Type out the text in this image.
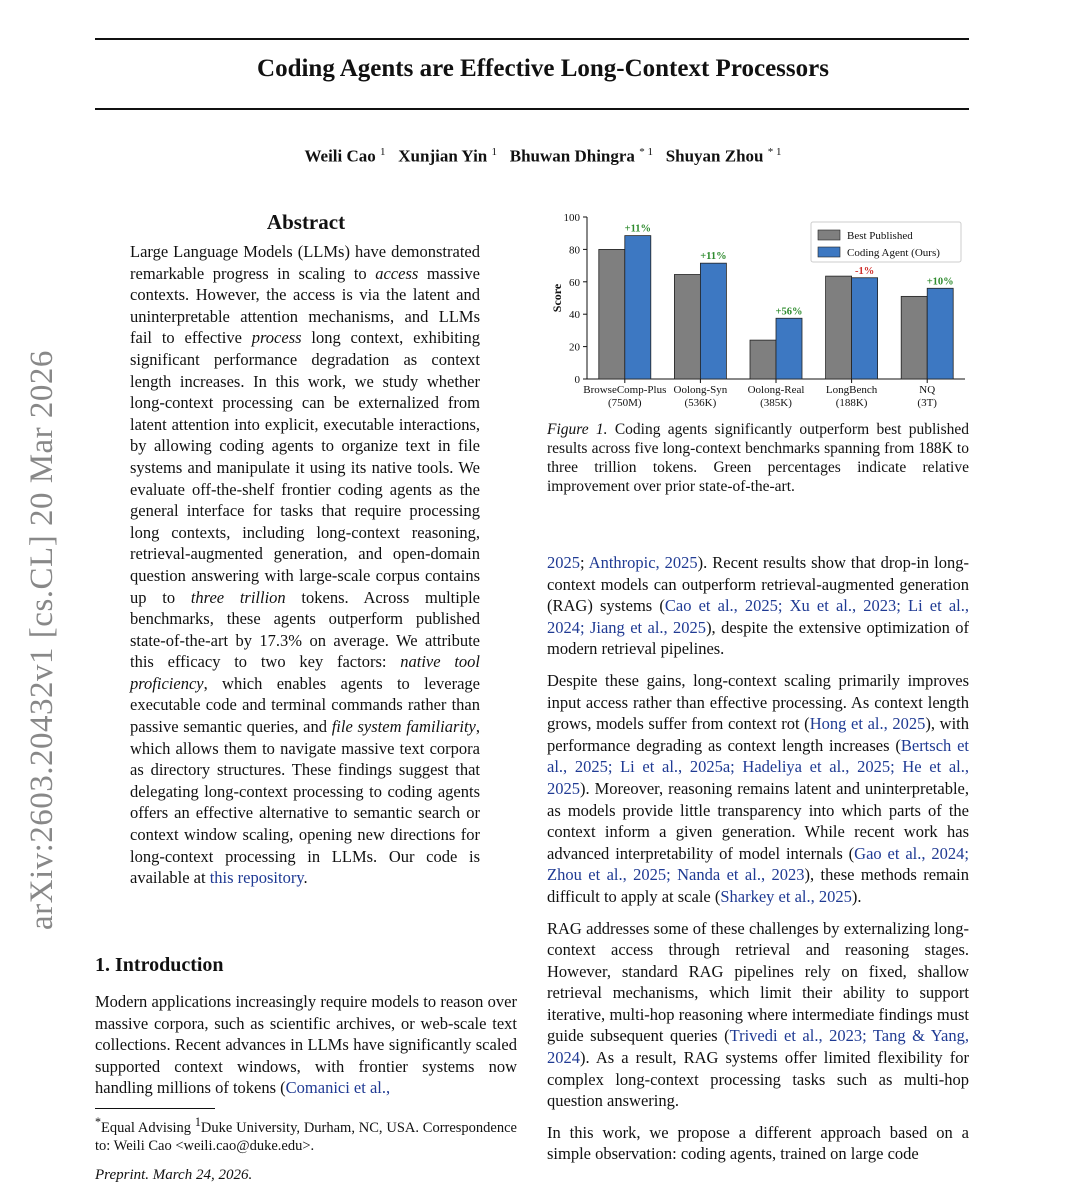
Coding Agents are Effective Long-Context Processors
Weili Cao $^1$ Xunjian Yin $^1$ Bhuwan Dhingra $^{* 1}$ Shuyan Zhou $^{* 1}$
arXiv:2603.20432v1 [cs.CL] 20 Mar 2026
Abstract
Large Language Models (LLMs) have demonstrated remarkable progress in scaling to access massive contexts. However, the access is via the latent and uninterpretable attention mechanisms, and LLMs fail to effective process long context, exhibiting significant performance degradation as context length increases. In this work, we study whether long-context processing can be externalized from latent attention into explicit, executable interactions, by allowing coding agents to organize text in file systems and manipulate it using its native tools. We evaluate off-the-shelf frontier coding agents as the general interface for tasks that require processing long contexts, including long-context reasoning, retrieval-augmented generation, and open-domain question answering with large-scale corpus contains up to three trillion tokens. Across multiple benchmarks, these agents outperform published state-of-the-art by 17.3% on average. We attribute this efficacy to two key factors: native tool proficiency, which enables agents to leverage executable code and terminal commands rather than passive semantic queries, and file system familiarity, which allows them to navigate massive text corpora as directory structures. These findings suggest that delegating long-context processing to coding agents offers an effective alternative to semantic search or context window scaling, opening new directions for long-context processing in LLMs. Our code is available at this repository.
1. Introduction
Modern applications increasingly require models to reason over massive corpora, such as scientific archives, or web-scale text collections. Recent advances in LLMs have significantly scaled supported context windows, with frontier systems now handling millions of tokens (Comanici et al.,
*Equal Advising $^1$Duke University, Durham, NC, USA. Correspondence to: Weili Cao <weili.cao@duke.edu>.
Preprint. March 24, 2026.
0
20
40
60
80
100
Score
+11%
BrowseComp-Plus
(750M)
+11%
Oolong-Syn
(536K)
+56%
Oolong-Real
(385K)
-1%
LongBench
(188K)
+10%
NQ
(3T)
Best Published
Coding Agent (Ours)
Figure 1. Coding agents significantly outperform best published results across five long-context benchmarks spanning from 188K to three trillion tokens. Green percentages indicate relative improvement over prior state-of-the-art.

2025; Anthropic, 2025). Recent results show that drop-in long-context models can outperform retrieval-augmented generation (RAG) systems (Cao et al., 2025; Xu et al., 2023; Li et al., 2024; Jiang et al., 2025), despite the extensive optimization of modern retrieval pipelines.

Despite these gains, long-context scaling primarily improves input access rather than effective processing. As context length grows, models suffer from context rot (Hong et al., 2025), with performance degrading as context length increases (Bertsch et al., 2025; Li et al., 2025a; Hadeliya et al., 2025; He et al., 2025). Moreover, reasoning remains latent and uninterpretable, as models provide little transparency into which parts of the context inform a given generation. While recent work has advanced interpretability of model internals (Gao et al., 2024; Zhou et al., 2025; Nanda et al., 2023), these methods remain difficult to apply at scale (Sharkey et al., 2025).

RAG addresses some of these challenges by externalizing long-context access through retrieval and reasoning stages. However, standard RAG pipelines rely on fixed, shallow retrieval mechanisms, which limit their ability to support iterative, multi-hop reasoning where intermediate findings must guide subsequent queries (Trivedi et al., 2023; Tang & Yang, 2024). As a result, RAG systems offer limited flexibility for complex long-context processing tasks such as multi-hop question answering.

In this work, we propose a different approach based on a simple observation: coding agents, trained on large code
